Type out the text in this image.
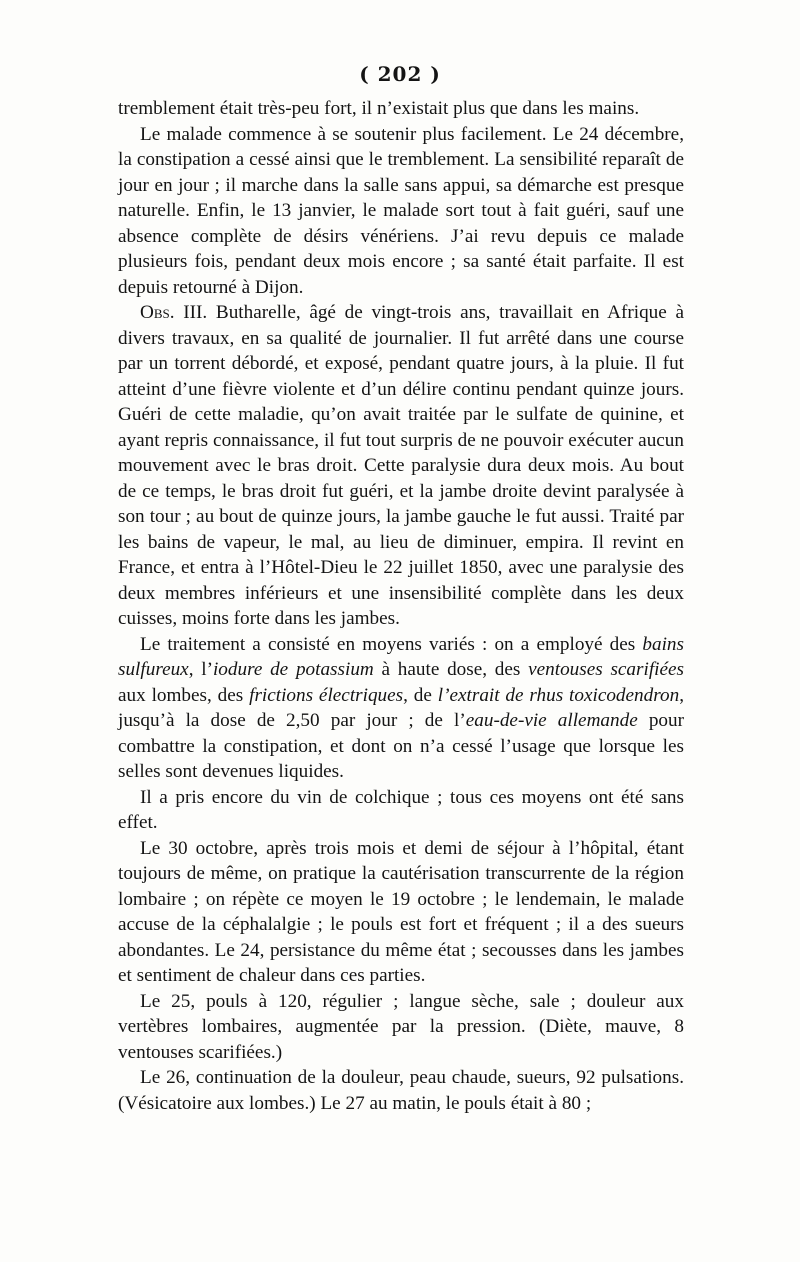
( 202 )

tremblement était très-peu fort, il n’existait plus que dans les mains.

Le malade commence à se soutenir plus facilement. Le 24 décembre, la constipation a cessé ainsi que le tremblement. La sensibilité reparaît de jour en jour ; il marche dans la salle sans appui, sa démarche est presque naturelle. Enfin, le 13 janvier, le malade sort tout à fait guéri, sauf une absence complète de désirs vénériens. J’ai revu depuis ce malade plusieurs fois, pendant deux mois encore ; sa santé était parfaite. Il est depuis retourné à Dijon.

Obs. III. Butharelle, âgé de vingt-trois ans, travaillait en Afrique à divers travaux, en sa qualité de journalier. Il fut arrêté dans une course par un torrent débordé, et exposé, pendant quatre jours, à la pluie. Il fut atteint d’une fièvre violente et d’un délire continu pendant quinze jours. Guéri de cette maladie, qu’on avait traitée par le sulfate de quinine, et ayant repris connaissance, il fut tout surpris de ne pouvoir exécuter aucun mouvement avec le bras droit. Cette paralysie dura deux mois. Au bout de ce temps, le bras droit fut guéri, et la jambe droite devint paralysée à son tour ; au bout de quinze jours, la jambe gauche le fut aussi. Traité par les bains de vapeur, le mal, au lieu de diminuer, empira. Il revint en France, et entra à l’Hôtel-Dieu le 22 juillet 1850, avec une paralysie des deux membres inférieurs et une insensibilité complète dans les deux cuisses, moins forte dans les jambes.

Le traitement a consisté en moyens variés : on a employé des bains sulfureux, l’iodure de potassium à haute dose, des ventouses scarifiées aux lombes, des frictions électriques, de l’extrait de rhus toxicodendron, jusqu’à la dose de 2,50 par jour ; de l’eau-de-vie allemande pour combattre la constipation, et dont on n’a cessé l’usage que lorsque les selles sont devenues liquides.

Il a pris encore du vin de colchique ; tous ces moyens ont été sans effet.

Le 30 octobre, après trois mois et demi de séjour à l’hôpital, étant toujours de même, on pratique la cautérisation transcurrente de la région lombaire ; on répète ce moyen le 19 octobre ; le lendemain, le malade accuse de la céphalalgie ; le pouls est fort et fréquent ; il a des sueurs abondantes. Le 24, persistance du même état ; secousses dans les jambes et sentiment de chaleur dans ces parties.

Le 25, pouls à 120, régulier ; langue sèche, sale ; douleur aux vertèbres lombaires, augmentée par la pression. (Diète, mauve, 8 ventouses scarifiées.)

Le 26, continuation de la douleur, peau chaude, sueurs, 92 pulsations. (Vésicatoire aux lombes.) Le 27 au matin, le pouls était à 80 ;
